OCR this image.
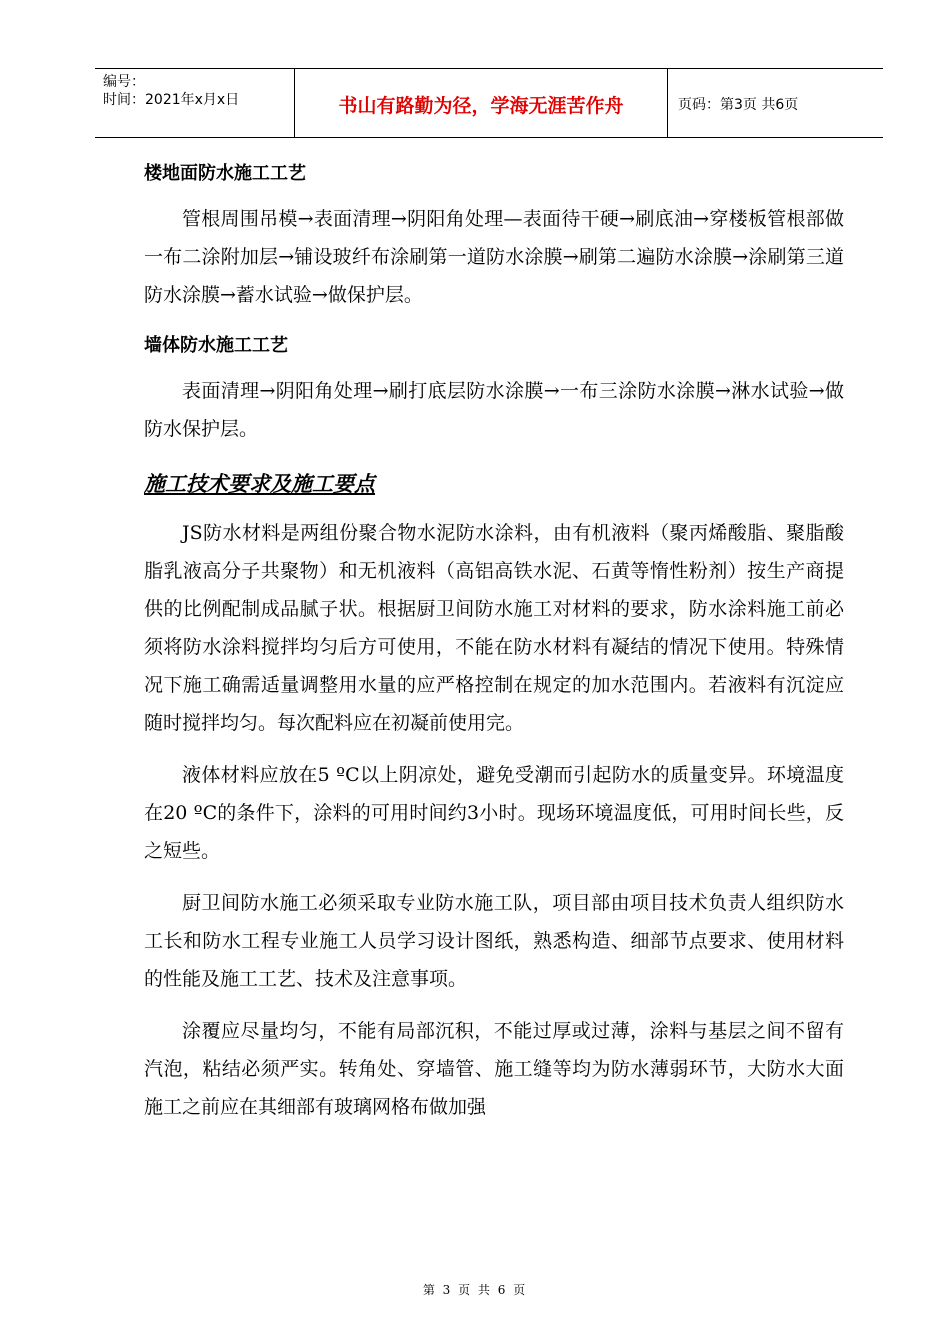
编号：
时间：2021年x月x日	书山有路勤为径，学海无涯苦作舟	页码：第3页 共6页

楼地面防水施工工艺

管根周围吊模→表面清理→阴阳角处理—表面待干硬→刷底油→穿楼板管根部做一布二涂附加层→铺设玻纤布涂刷第一道防水涂膜→刷第二遍防水涂膜→涂刷第三道防水涂膜→蓄水试验→做保护层。

墙体防水施工工艺

表面清理→阴阳角处理→刷打底层防水涂膜→一布三涂防水涂膜→淋水试验→做防水保护层。

施工技术要求及施工要点

JS防水材料是两组份聚合物水泥防水涂料，由有机液料（聚丙烯酸脂、聚脂酸脂乳液高分子共聚物）和无机液料（高铝高铁水泥、石黄等惰性粉剂）按生产商提供的比例配制成品腻子状。根据厨卫间防水施工对材料的要求，防水涂料施工前必须将防水涂料搅拌均匀后方可使用，不能在防水材料有凝结的情况下使用。特殊情况下施工确需适量调整用水量的应严格控制在规定的加水范围内。若液料有沉淀应随时搅拌均匀。每次配料应在初凝前使用完。

液体材料应放在5 ºC以上阴凉处，避免受潮而引起防水的质量变异。环境温度在20 ºC的条件下，涂料的可用时间约3小时。现场环境温度低，可用时间长些，反之短些。

厨卫间防水施工必须采取专业防水施工队，项目部由项目技术负责人组织防水工长和防水工程专业施工人员学习设计图纸，熟悉构造、细部节点要求、使用材料的性能及施工工艺、技术及注意事项。

涂覆应尽量均匀，不能有局部沉积，不能过厚或过薄，涂料与基层之间不留有汽泡，粘结必须严实。转角处、穿墙管、施工缝等均为防水薄弱环节，大防水大面施工之前应在其细部有玻璃网格布做加强

第 3 页 共 6 页
